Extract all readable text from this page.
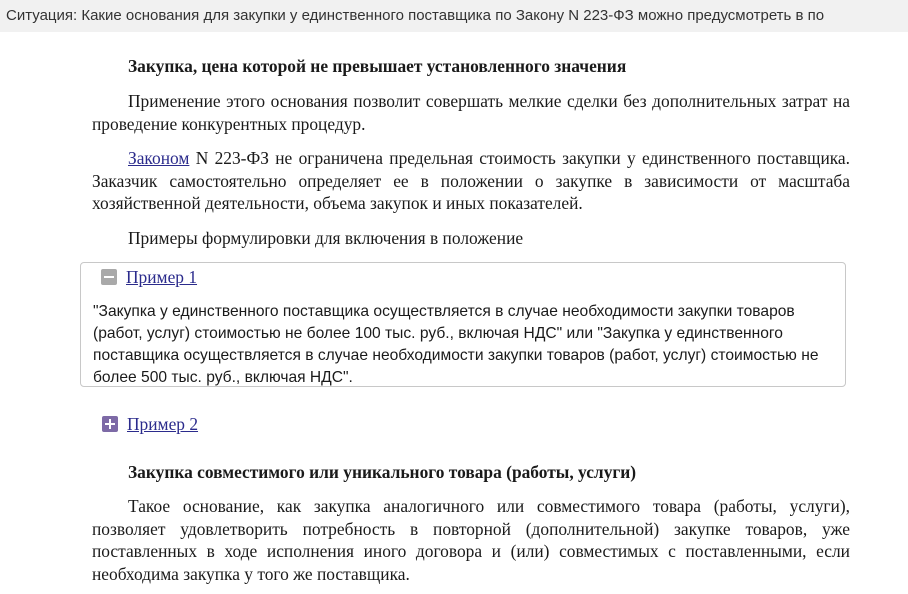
Ситуация: Какие основания для закупки у единственного поставщика по Закону N 223-ФЗ можно предусмотреть в по
Закупка, цена которой не превышает установленного значения
Применение этого основания позволит совершать мелкие сделки без дополнительных затрат на проведение конкурентных процедур.
Законом N 223-ФЗ не ограничена предельная стоимость закупки у единственного поставщика. Заказчик самостоятельно определяет ее в положении о закупке в зависимости от масштаба хозяйственной деятельности, объема закупок и иных показателей.
Примеры формулировки для включения в положение
Закупка совместимого или уникального товара (работы, услуги)
Такое основание, как закупка аналогичного или совместимого товара (работы, услуги), позволяет удовлетворить потребность в повторной (дополнительной) закупке товаров, уже поставленных в ходе исполнения иного договора и (или) совместимых с поставленными, если необходима закупка у того же поставщика.
Пример 1
"Закупка у единственного поставщика осуществляется в случае необходимости закупки товаров (работ, услуг) стоимостью не более 100 тыс. руб., включая НДС" или "Закупка у единственного поставщика осуществляется в случае необходимости закупки товаров (работ, услуг) стоимостью не более 500 тыс. руб., включая НДС".
Пример 2
